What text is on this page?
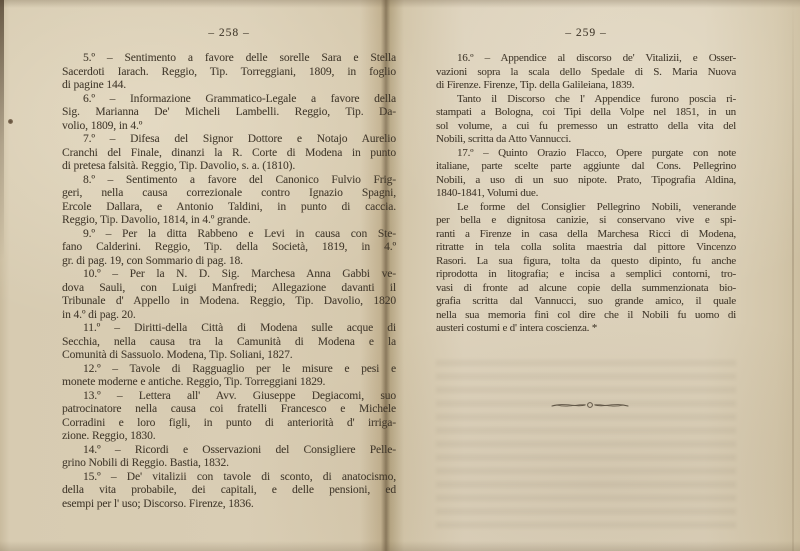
– 258 –
5.º – Sentimento a favore delle sorelle Sara e Stella
Sacerdoti Iarach. Reggio, Tip. Torreggiani, 1809, in foglio
di pagine 144.
6.º – Informazione Grammatico-Legale a favore della
Sig. Marianna De' Micheli Lambelli. Reggio, Tip. Da-
volio, 1809, in 4.º
7.º – Difesa del Signor Dottore e Notajo Aurelio
Cranchi del Finale, dinanzi la R. Corte di Modena in punto
di pretesa falsità. Reggio, Tip. Davolio, s. a. (1810).
8.º – Sentimento a favore del Canonico Fulvio Frig-
geri, nella causa correzionale contro Ignazio Spagni,
Ercole Dallara, e Antonio Taldini, in punto di caccia.
Reggio, Tip. Davolio, 1814, in 4.º grande.
9.º – Per la ditta Rabbeno e Levi in causa con Ste-
fano Calderini. Reggio, Tip. della Società, 1819, in 4.º
gr. di pag. 19, con Sommario di pag. 18.
10.º – Per la N. D. Sig. Marchesa Anna Gabbi ve-
dova Sauli, con Luigi Manfredi; Allegazione davanti il
Tribunale d' Appello in Modena. Reggio, Tip. Davolio, 1820
in 4.º di pag. 20.
11.º – Diritti-della Città di Modena sulle acque di
Secchia, nella causa tra la Camunità di Modena e la
Comunità di Sassuolo. Modena, Tip. Soliani, 1827.
12.º – Tavole di Ragguaglio per le misure e pesi e
monete moderne e antiche. Reggio, Tip. Torreggiani 1829.
13.º – Lettera all' Avv. Giuseppe Degiacomi, suo
patrocinatore nella causa coi fratelli Francesco e Michele
Corradini e loro figli, in punto di anteriorità d' irriga-
zione. Reggio, 1830.
14.º – Ricordi e Osservazioni del Consigliere Pelle-
grino Nobili di Reggio. Bastia, 1832.
15.º – De' vitalizii con tavole di sconto, di anatocismo,
della vita probabile, dei capitali, e delle pensioni, ed
esempi per l' uso; Discorso. Firenze, 1836.
– 259 –
16.º – Appendice al discorso de' Vitalizii, e Osser-
vazioni sopra la scala dello Spedale di S. Maria Nuova
di Firenze. Firenze, Tip. della Galileiana, 1839.
Tanto il Discorso che l' Appendice furono poscia ri-
stampati a Bologna, coi Tipi della Volpe nel 1851, in un
sol volume, a cui fu premesso un estratto della vita del
Nobili, scritta da Atto Vannucci.
17.º – Quinto Orazio Flacco, Opere purgate con note
italiane, parte scelte parte aggiunte dal Cons. Pellegrino
Nobili, a uso di un suo nipote. Prato, Tipografia Aldina,
1840-1841, Volumi due.
Le forme del Consiglier Pellegrino Nobili, venerande
per bella e dignitosa canizie, si conservano vive e spi-
ranti a Firenze in casa della Marchesa Ricci di Modena,
ritratte in tela colla solita maestria dal pittore Vincenzo
Rasori. La sua figura, tolta da questo dipinto, fu anche
riprodotta in litografia; e incisa a semplici contorni, tro-
vasi di fronte ad alcune copie della summenzionata bio-
grafia scritta dal Vannucci, suo grande amico, il quale
nella sua memoria finì col dire che il Nobili fu uomo di
austeri costumi e d' intera coscienza. *
